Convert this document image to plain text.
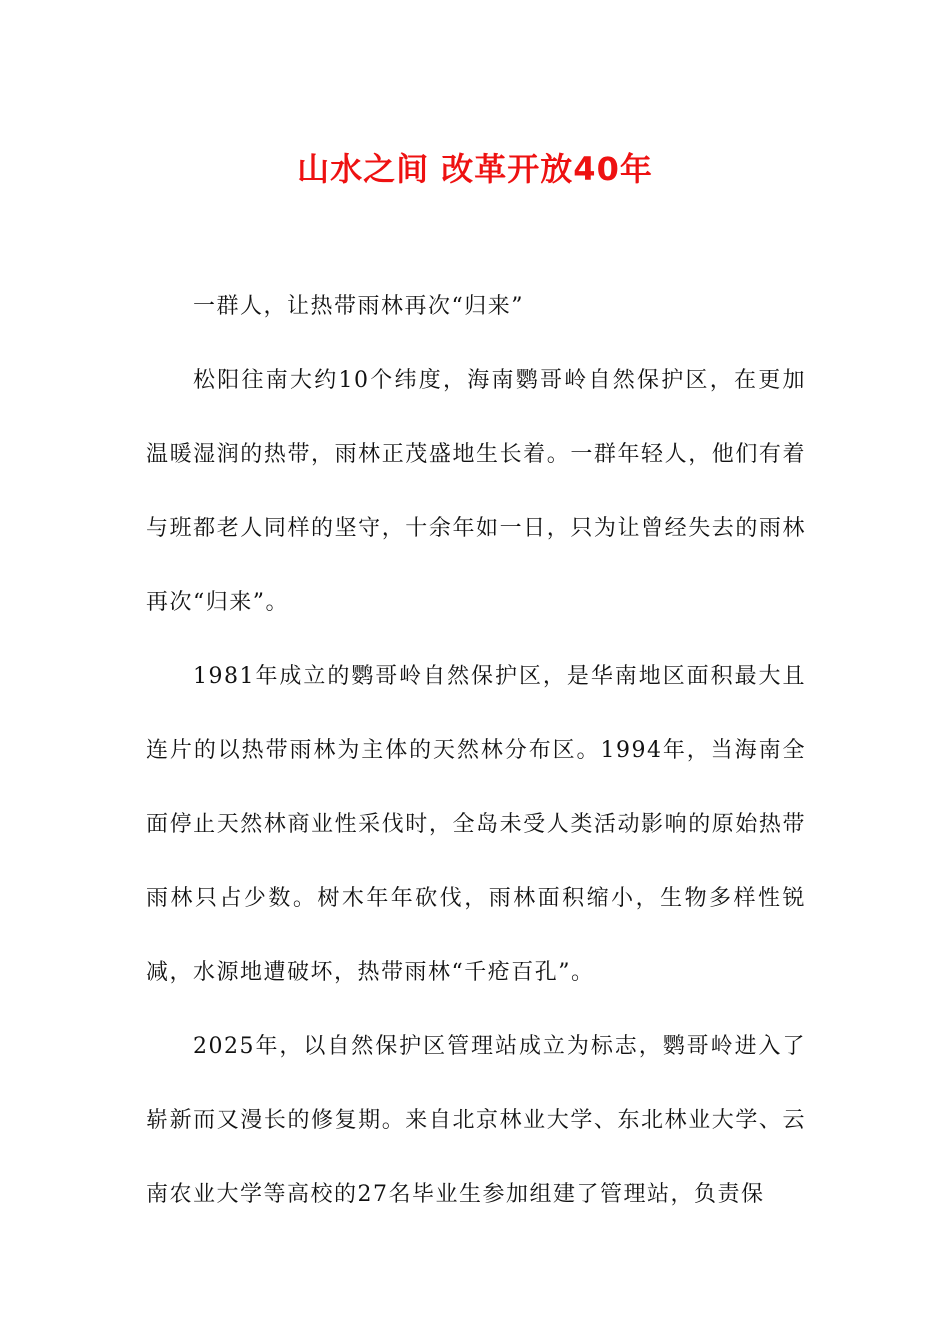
山水之间 改革开放40年

一群人，让热带雨林再次“归来”

松阳往南大约10个纬度，海南鹦哥岭自然保护区，在更加温暖湿润的热带，雨林正茂盛地生长着。一群年轻人，他们有着与班都老人同样的坚守，十余年如一日，只为让曾经失去的雨林再次“归来”。

1981年成立的鹦哥岭自然保护区，是华南地区面积最大且连片的以热带雨林为主体的天然林分布区。1994年，当海南全面停止天然林商业性采伐时，全岛未受人类活动影响的原始热带雨林只占少数。树木年年砍伐，雨林面积缩小，生物多样性锐减，水源地遭破坏，热带雨林“千疮百孔”。

2025年，以自然保护区管理站成立为标志，鹦哥岭进入了崭新而又漫长的修复期。来自北京林业大学、东北林业大学、云南农业大学等高校的27名毕业生参加组建了管理站，负责保
